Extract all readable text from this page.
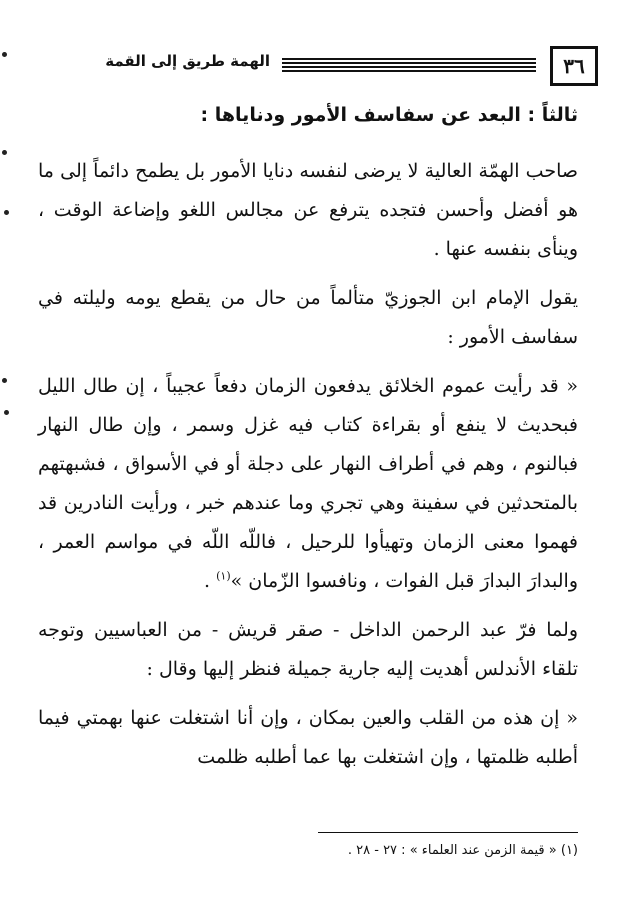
٣٦
الهمة طريق إلى القمة
ثالثاً : البعد عن سفاسف الأمور ودناياها :

صاحب الهمّة العالية لا يرضى لنفسه دنايا الأمور بل يطمح دائماً إلى ما هو أفضل وأحسن فتجده يترفع عن مجالس اللغو وإضاعة الوقت ، وينأى بنفسه عنها .

يقول الإمام ابن الجوزيّ متألماً من حال من يقطع يومه وليلته في سفاسف الأمور :

« قد رأيت عموم الخلائق يدفعون الزمان دفعاً عجيباً ، إن طال الليل فبحديث لا ينفع أو بقراءة كتاب فيه غزل وسمر ، وإن طال النهار فبالنوم ، وهم في أطراف النهار على دجلة أو في الأسواق ، فشبهتهم بالمتحدثين في سفينة وهي تجري وما عندهم خبر ، ورأيت النادرين قد فهموا معنى الزمان وتهيأوا للرحيل ، فاللّه اللّه في مواسم العمر ، والبدارَ البدارَ قبل الفوات ، ونافسوا الزّمان »$^{(١)}$ .

ولما فرّ عبد الرحمن الداخل - صقر قريش - من العباسيين وتوجه تلقاء الأندلس أهديت إليه جارية جميلة فنظر إليها وقال :

« إن هذه من القلب والعين بمكان ، وإن أنا اشتغلت عنها بهمتي فيما أطلبه ظلمتها ، وإن اشتغلت بها عما أطلبه ظلمت

(١) « قيمة الزمن عند العلماء » : ٢٧ - ٢٨ .
